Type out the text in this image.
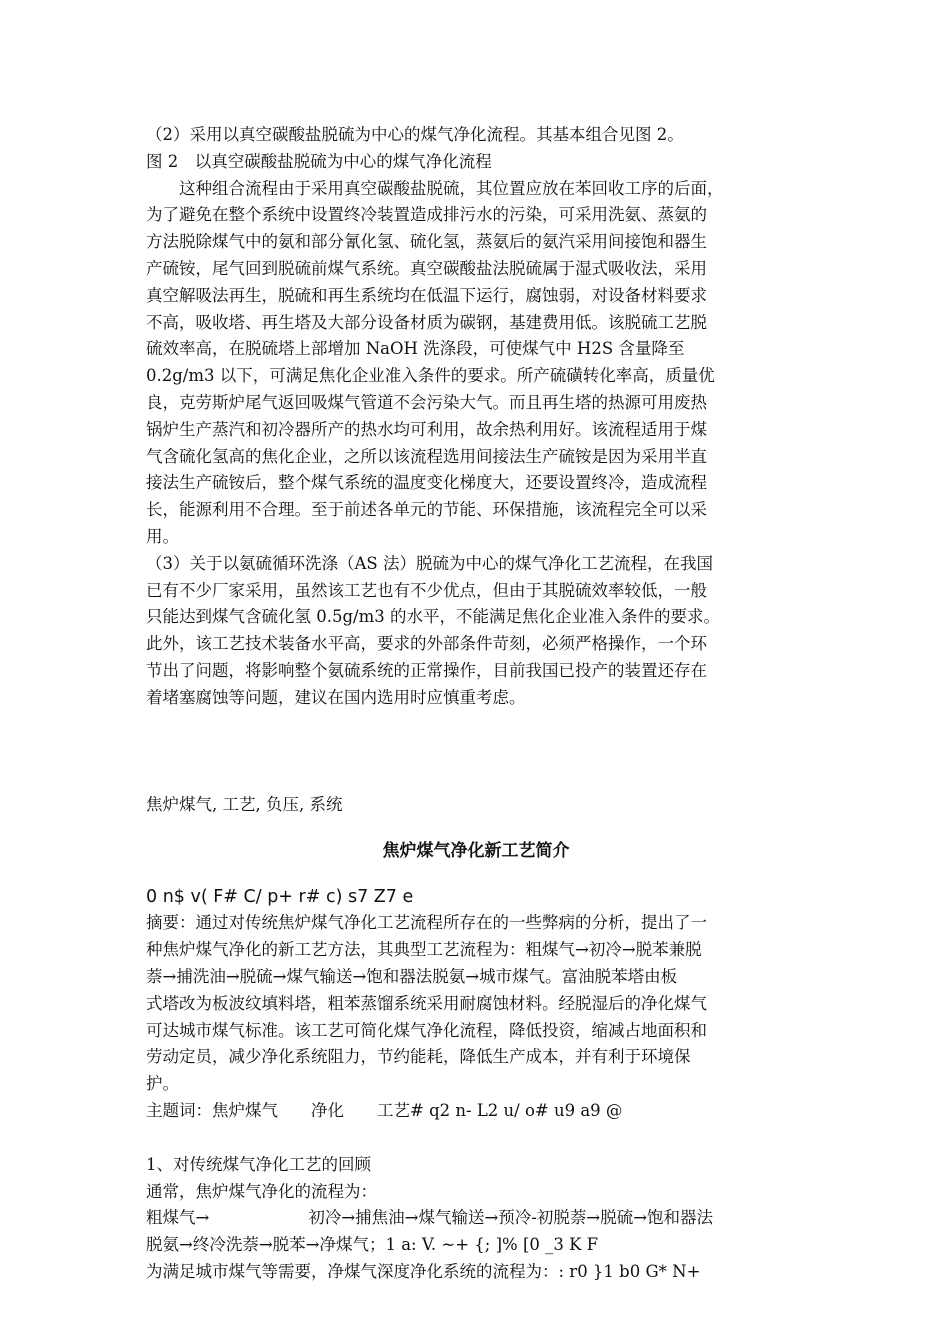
（2）采用以真空碳酸盐脱硫为中心的煤气净化流程。其基本组合见图 2。

图 2　以真空碳酸盐脱硫为中心的煤气净化流程

这种组合流程由于采用真空碳酸盐脱硫，其位置应放在苯回收工序的后面，

为了避免在整个系统中设置终冷装置造成排污水的污染，可采用洗氨、蒸氨的

方法脱除煤气中的氨和部分氰化氢、硫化氢，蒸氨后的氨汽采用间接饱和器生

产硫铵，尾气回到脱硫前煤气系统。真空碳酸盐法脱硫属于湿式吸收法，采用

真空解吸法再生，脱硫和再生系统均在低温下运行，腐蚀弱，对设备材料要求

不高，吸收塔、再生塔及大部分设备材质为碳钢，基建费用低。该脱硫工艺脱

硫效率高，在脱硫塔上部增加 NaOH 洗涤段，可使煤气中 H2S 含量降至

0.2g/m3 以下，可满足焦化企业准入条件的要求。所产硫磺转化率高，质量优

良，克劳斯炉尾气返回吸煤气管道不会污染大气。而且再生塔的热源可用废热

锅炉生产蒸汽和初冷器所产的热水均可利用，故余热利用好。该流程适用于煤

气含硫化氢高的焦化企业，之所以该流程选用间接法生产硫铵是因为采用半直

接法生产硫铵后，整个煤气系统的温度变化梯度大，还要设置终冷，造成流程

长，能源利用不合理。至于前述各单元的节能、环保措施，该流程完全可以采

用。

（3）关于以氨硫循环洗涤（AS 法）脱硫为中心的煤气净化工艺流程，在我国

已有不少厂家采用，虽然该工艺也有不少优点，但由于其脱硫效率较低，一般

只能达到煤气含硫化氢 0.5g/m3 的水平，不能满足焦化企业准入条件的要求。

此外，该工艺技术装备水平高，要求的外部条件苛刻，必须严格操作，一个环

节出了问题，将影响整个氨硫系统的正常操作，目前我国已投产的装置还存在

着堵塞腐蚀等问题，建议在国内选用时应慎重考虑。

焦炉煤气, 工艺, 负压, 系统

焦炉煤气净化新工艺简介

0 n$ v( F# C/ p+ r# c) s7 Z7 e

摘要：通过对传统焦炉煤气净化工艺流程所存在的一些弊病的分析，提出了一

种焦炉煤气净化的新工艺方法，其典型工艺流程为：粗煤气→初冷→脱苯兼脱

萘→捕洗油→脱硫→煤气输送→饱和器法脱氨→城市煤气。富油脱苯塔由板

式塔改为板波纹填料塔，粗苯蒸馏系统采用耐腐蚀材料。经脱湿后的净化煤气

可达城市煤气标准。该工艺可简化煤气净化流程，降低投资，缩减占地面积和

劳动定员，减少净化系统阻力，节约能耗，降低生产成本，并有利于环境保

护。

主题词：焦炉煤气　　净化　　工艺# q2 n- L2 u/ o# u9 a9 @

1、对传统煤气净化工艺的回顾

通常，焦炉煤气净化的流程为：

粗煤气→　　　　　　初冷→捕焦油→煤气输送→预冷-初脱萘→脱硫→饱和器法

脱氨→终冷洗萘→脱苯→净煤气；1 a: V. ~+ {; ]% [0 _3 K F

为满足城市煤气等需要，净煤气深度净化系统的流程为：: r0 }1 b0 G* N+
